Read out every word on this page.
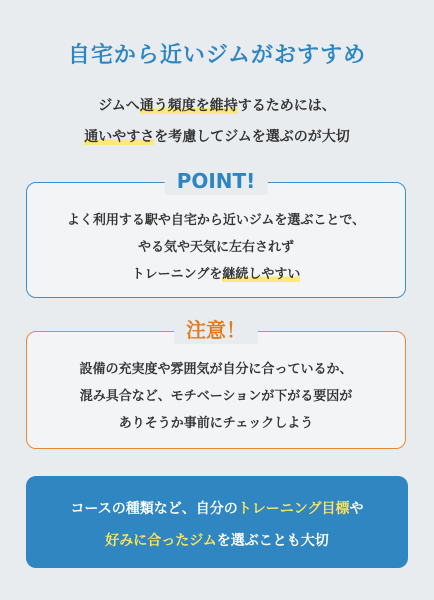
自宅から近いジムがおすすめ
ジムへ通う頻度を維持するためには、
通いやすさを考慮してジムを選ぶのが大切
POINT!
よく利用する駅や自宅から近いジムを選ぶことで、
やる気や天気に左右されず
トレーニングを継続しやすい
注意！
設備の充実度や雰囲気が自分に合っているか、
混み具合など、モチベーションが下がる要因が
ありそうか事前にチェックしよう
コースの種類など、自分のトレーニング目標や
好みに合ったジムを選ぶことも大切
